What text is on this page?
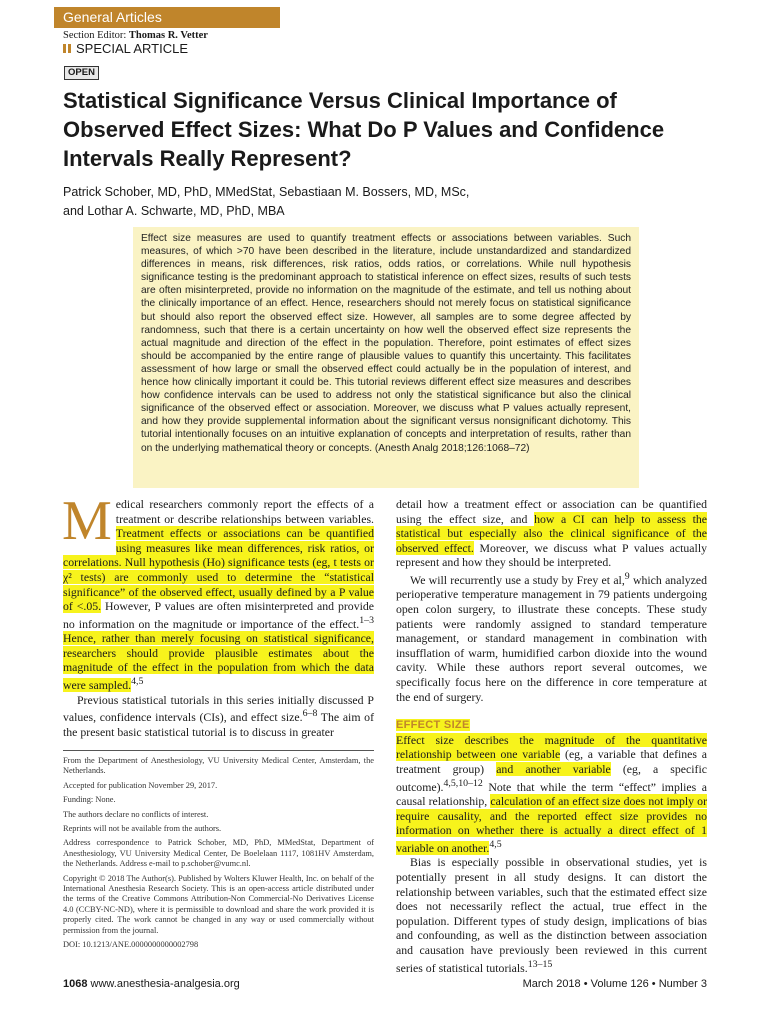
General Articles
Section Editor: Thomas R. Vetter
SPECIAL ARTICLE
OPEN
Statistical Significance Versus Clinical Importance of Observed Effect Sizes: What Do P Values and Confidence Intervals Really Represent?
Patrick Schober, MD, PhD, MMedStat, Sebastiaan M. Bossers, MD, MSc,
and Lothar A. Schwarte, MD, PhD, MBA
Effect size measures are used to quantify treatment effects or associations between variables. Such measures, of which >70 have been described in the literature, include unstandardized and standardized differences in means, risk differences, risk ratios, odds ratios, or correlations. While null hypothesis significance testing is the predominant approach to statistical inference on effect sizes, results of such tests are often misinterpreted, provide no information on the magnitude of the estimate, and tell us nothing about the clinically importance of an effect. Hence, researchers should not merely focus on statistical significance but should also report the observed effect size. However, all samples are to some degree affected by randomness, such that there is a certain uncertainty on how well the observed effect size represents the actual magnitude and direction of the effect in the population. Therefore, point estimates of effect sizes should be accompanied by the entire range of plausible values to quantify this uncertainty. This facilitates assessment of how large or small the observed effect could actually be in the population of interest, and hence how clinically important it could be. This tutorial reviews different effect size measures and describes how confidence intervals can be used to address not only the statistical significance but also the clinical significance of the observed effect or association. Moreover, we discuss what P values actually represent, and how they provide supplemental information about the significant versus nonsignificant dichotomy. This tutorial intentionally focuses on an intuitive explanation of concepts and interpretation of results, rather than on the underlying mathematical theory or concepts. (Anesth Analg 2018;126:1068–72)

Medical researchers commonly report the effects of a treatment or describe relationships between variables. Treatment effects or associations can be quantified using measures like mean differences, risk ratios, or correlations. Null hypothesis (Ho) significance tests (eg, t tests or χ² tests) are commonly used to determine the “statistical significance” of the observed effect, usually defined by a P value of <.05. However, P values are often misinterpreted and provide no information on the magnitude or importance of the effect.$^{1-3}$ Hence, rather than merely focusing on statistical significance, researchers should provide plausible estimates about the magnitude of the effect in the population from which the data were sampled.$^{4,5}$

Previous statistical tutorials in this series initially discussed P values, confidence intervals (CIs), and effect size.$^{6-8}$ The aim of the present basic statistical tutorial is to discuss in greater

From the Department of Anesthesiology, VU University Medical Center, Amsterdam, the Netherlands.

Accepted for publication November 29, 2017.

Funding: None.

The authors declare no conflicts of interest.

Reprints will not be available from the authors.

Address correspondence to Patrick Schober, MD, PhD, MMedStat, Department of Anesthesiology, VU University Medical Center, De Boelelaan 1117, 1081HV Amsterdam, the Netherlands. Address e-mail to p.schober@vumc.nl.

Copyright © 2018 The Author(s). Published by Wolters Kluwer Health, Inc. on behalf of the International Anesthesia Research Society. This is an open-access article distributed under the terms of the Creative Commons Attribution-Non Commercial-No Derivatives License 4.0 (CCBY-NC-ND), where it is permissible to download and share the work provided it is properly cited. The work cannot be changed in any way or used commercially without permission from the journal.

DOI: 10.1213/ANE.0000000000002798

detail how a treatment effect or association can be quantified using the effect size, and how a CI can help to assess the statistical but especially also the clinical significance of the observed effect. Moreover, we discuss what P values actually represent and how they should be interpreted.

We will recurrently use a study by Frey et al,$^9$ which analyzed perioperative temperature management in 79 patients undergoing open colon surgery, to illustrate these concepts. These study patients were randomly assigned to standard temperature management, or standard management in combination with insufflation of warm, humidified carbon dioxide into the wound cavity. While these authors report several outcomes, we specifically focus here on the difference in core temperature at the end of surgery.

EFFECT SIZE

Effect size describes the magnitude of the quantitative relationship between one variable (eg, a variable that defines a treatment group) and another variable (eg, a specific outcome).$^{4,5,10-12}$ Note that while the term “effect” implies a causal relationship, calculation of an effect size does not imply or require causality, and the reported effect size provides no information on whether there is actually a direct effect of 1 variable on another.$^{4,5}$

Bias is especially possible in observational studies, yet is potentially present in all study designs. It can distort the relationship between variables, such that the estimated effect size does not necessarily reflect the actual, true effect in the population. Different types of study design, implications of bias and confounding, as well as the distinction between association and causation have previously been reviewed in this current series of statistical tutorials.$^{13-15}$

1068 www.anesthesia-analgesia.org	March 2018 • Volume 126 • Number 3
